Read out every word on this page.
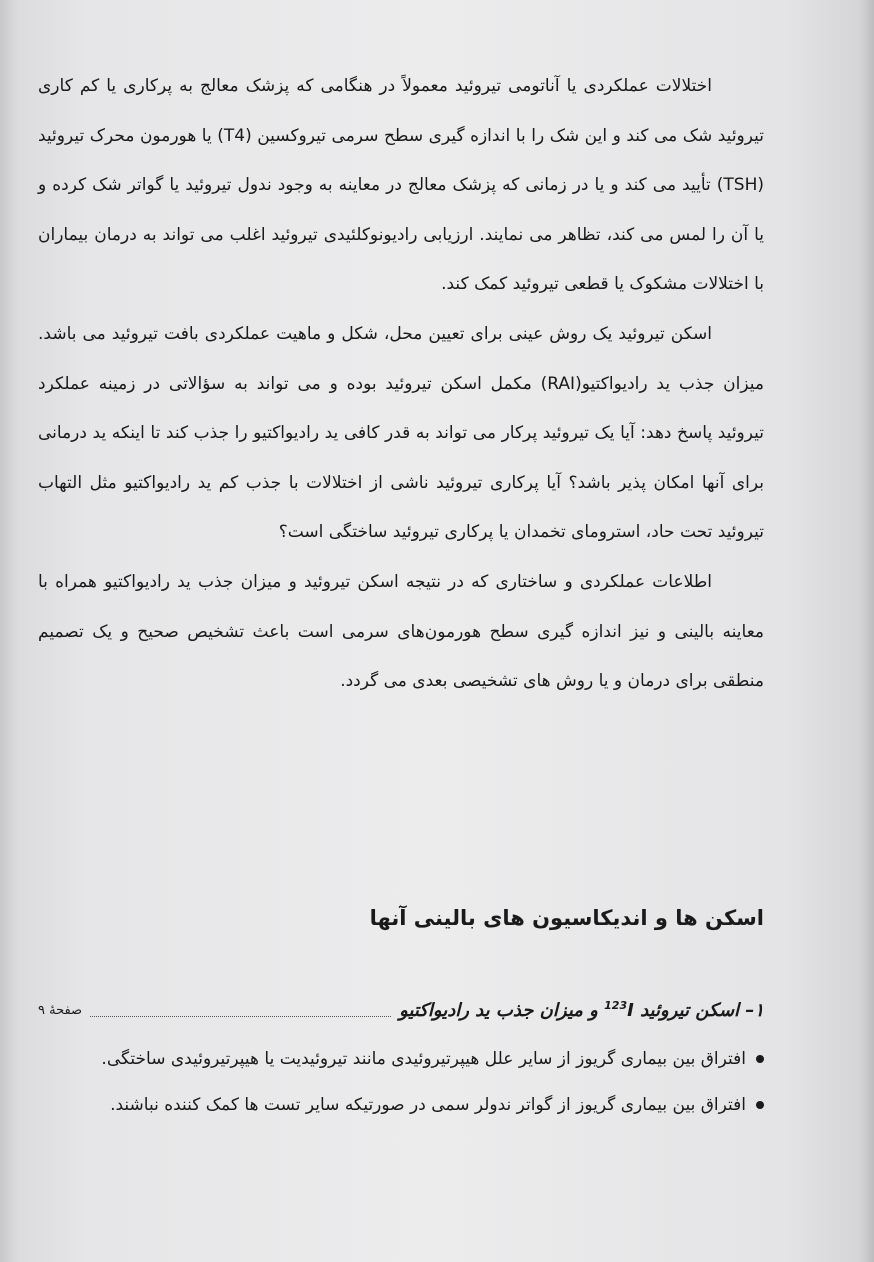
اختلالات عملکردی یا آناتومی تیروئید معمولاً در هنگامی که پزشک معالج به پرکاری یا کم کاری تیروئید شک می کند و این شک را با اندازه گیری سطح سرمی تیروکسین (T4) یا هورمون محرک تیروئید (TSH) تأیید می کند و یا در زمانی که پزشک معالج در معاینه به وجود ندول تیروئید یا گواتر شک کرده و یا آن را لمس می کند، تظاهر می نمایند. ارزیابی رادیونوکلئیدی تیروئید اغلب می تواند به درمان بیماران با اختلالات مشکوک یا قطعی تیروئید کمک کند.

اسکن تیروئید یک روش عینی برای تعیین محل، شکل و ماهیت عملکردی بافت تیروئید می باشد. میزان جذب ید رادیواکتیو(RAI) مکمل اسکن تیروئید بوده و می تواند به سؤالاتی در زمینه عملکرد تیروئید پاسخ دهد: آیا یک تیروئید پرکار می تواند به قدر کافی ید رادیواکتیو را جذب کند تا اینکه ید درمانی برای آنها امکان پذیر باشد؟ آیا پرکاری تیروئید ناشی از اختلالات با جذب کم ید رادیواکتیو مثل التهاب تیروئید تحت حاد، استرومای تخمدان یا پرکاری تیروئید ساختگی است؟

اطلاعات عملکردی و ساختاری که در نتیجه اسکن تیروئید و میزان جذب ید رادیواکتیو همراه با معاینه بالینی و نیز اندازه گیری سطح هورمون‌های سرمی است باعث تشخیص صحیح و یک تصمیم منطقی برای درمان و یا روش های تشخیصی بعدی می گردد.

اسکن ها و اندیکاسیون های بالینی آنها
۱– اسکن تیروئید $^{123}$I و میزان جذب ید رادیواکتیو
صفحهٔ ۹
افتراق بین بیماری گریوز از سایر علل هیپرتیروئیدی مانند تیروئیدیت یا هیپرتیروئیدی ساختگی.
افتراق بین بیماری گریوز از گواتر ندولر سمی در صورتیکه سایر تست ها کمک کننده نباشند.
